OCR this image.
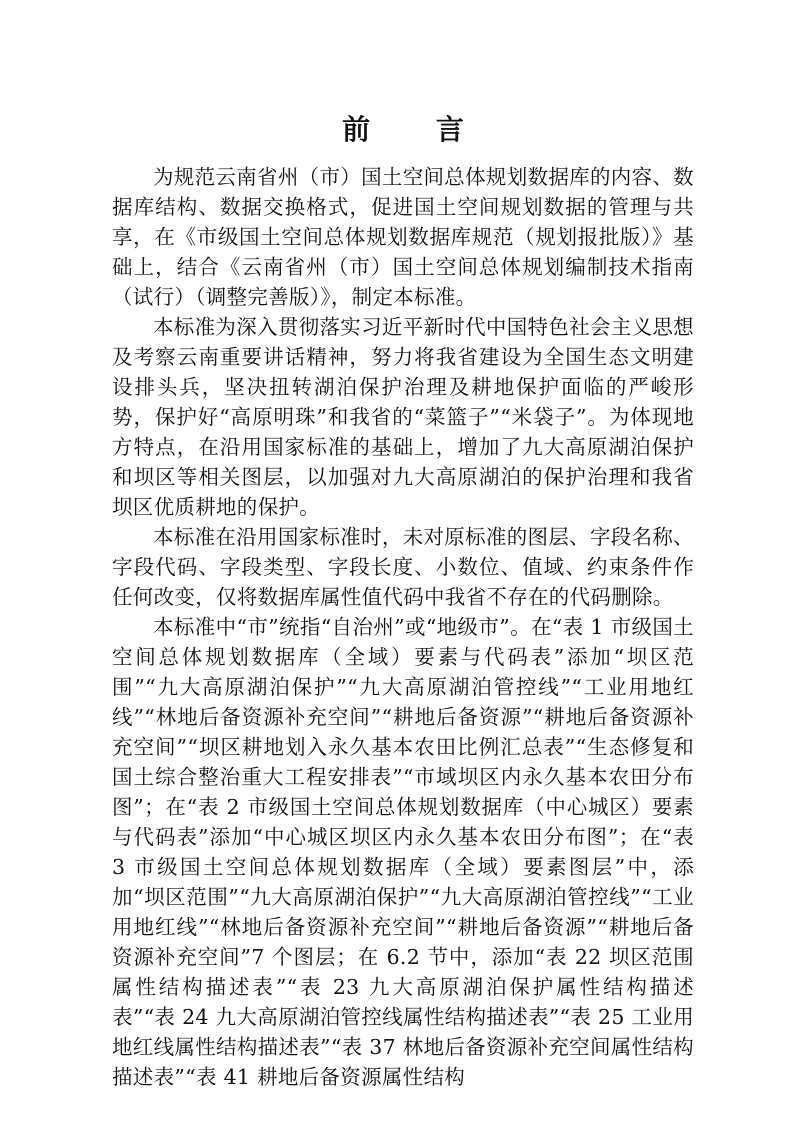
前 言

为规范云南省州（市）国土空间总体规划数据库的内容、数据库结构、数据交换格式，促进国土空间规划数据的管理与共享，在《市级国土空间总体规划数据库规范（规划报批版）》基础上，结合《云南省州（市）国土空间总体规划编制技术指南（试行）（调整完善版）》，制定本标准。

本标准为深入贯彻落实习近平新时代中国特色社会主义思想及考察云南重要讲话精神，努力将我省建设为全国生态文明建设排头兵，坚决扭转湖泊保护治理及耕地保护面临的严峻形势，保护好“高原明珠”和我省的“菜篮子”“米袋子”。为体现地方特点，在沿用国家标准的基础上，增加了九大高原湖泊保护和坝区等相关图层，以加强对九大高原湖泊的保护治理和我省坝区优质耕地的保护。

本标准在沿用国家标准时，未对原标准的图层、字段名称、字段代码、字段类型、字段长度、小数位、值域、约束条件作任何改变，仅将数据库属性值代码中我省不存在的代码删除。

本标准中“市”统指“自治州”或“地级市”。在“表 1 市级国土空间总体规划数据库（全域）要素与代码表”添加“坝区范围”“九大高原湖泊保护”“九大高原湖泊管控线”“工业用地红线”“林地后备资源补充空间”“耕地后备资源”“耕地后备资源补充空间”“坝区耕地划入永久基本农田比例汇总表”“生态修复和国土综合整治重大工程安排表”“市域坝区内永久基本农田分布图”；在“表 2 市级国土空间总体规划数据库（中心城区）要素与代码表”添加“中心城区坝区内永久基本农田分布图”；在“表 3 市级国土空间总体规划数据库（全域）要素图层”中，添加“坝区范围”“九大高原湖泊保护”“九大高原湖泊管控线”“工业用地红线”“林地后备资源补充空间”“耕地后备资源”“耕地后备资源补充空间”7 个图层；在 6.2 节中，添加“表 22 坝区范围属性结构描述表”“表 23 九大高原湖泊保护属性结构描述表”“表 24 九大高原湖泊管控线属性结构描述表”“表 25 工业用地红线属性结构描述表”“表 37 林地后备资源补充空间属性结构描述表”“表 41 耕地后备资源属性结构
